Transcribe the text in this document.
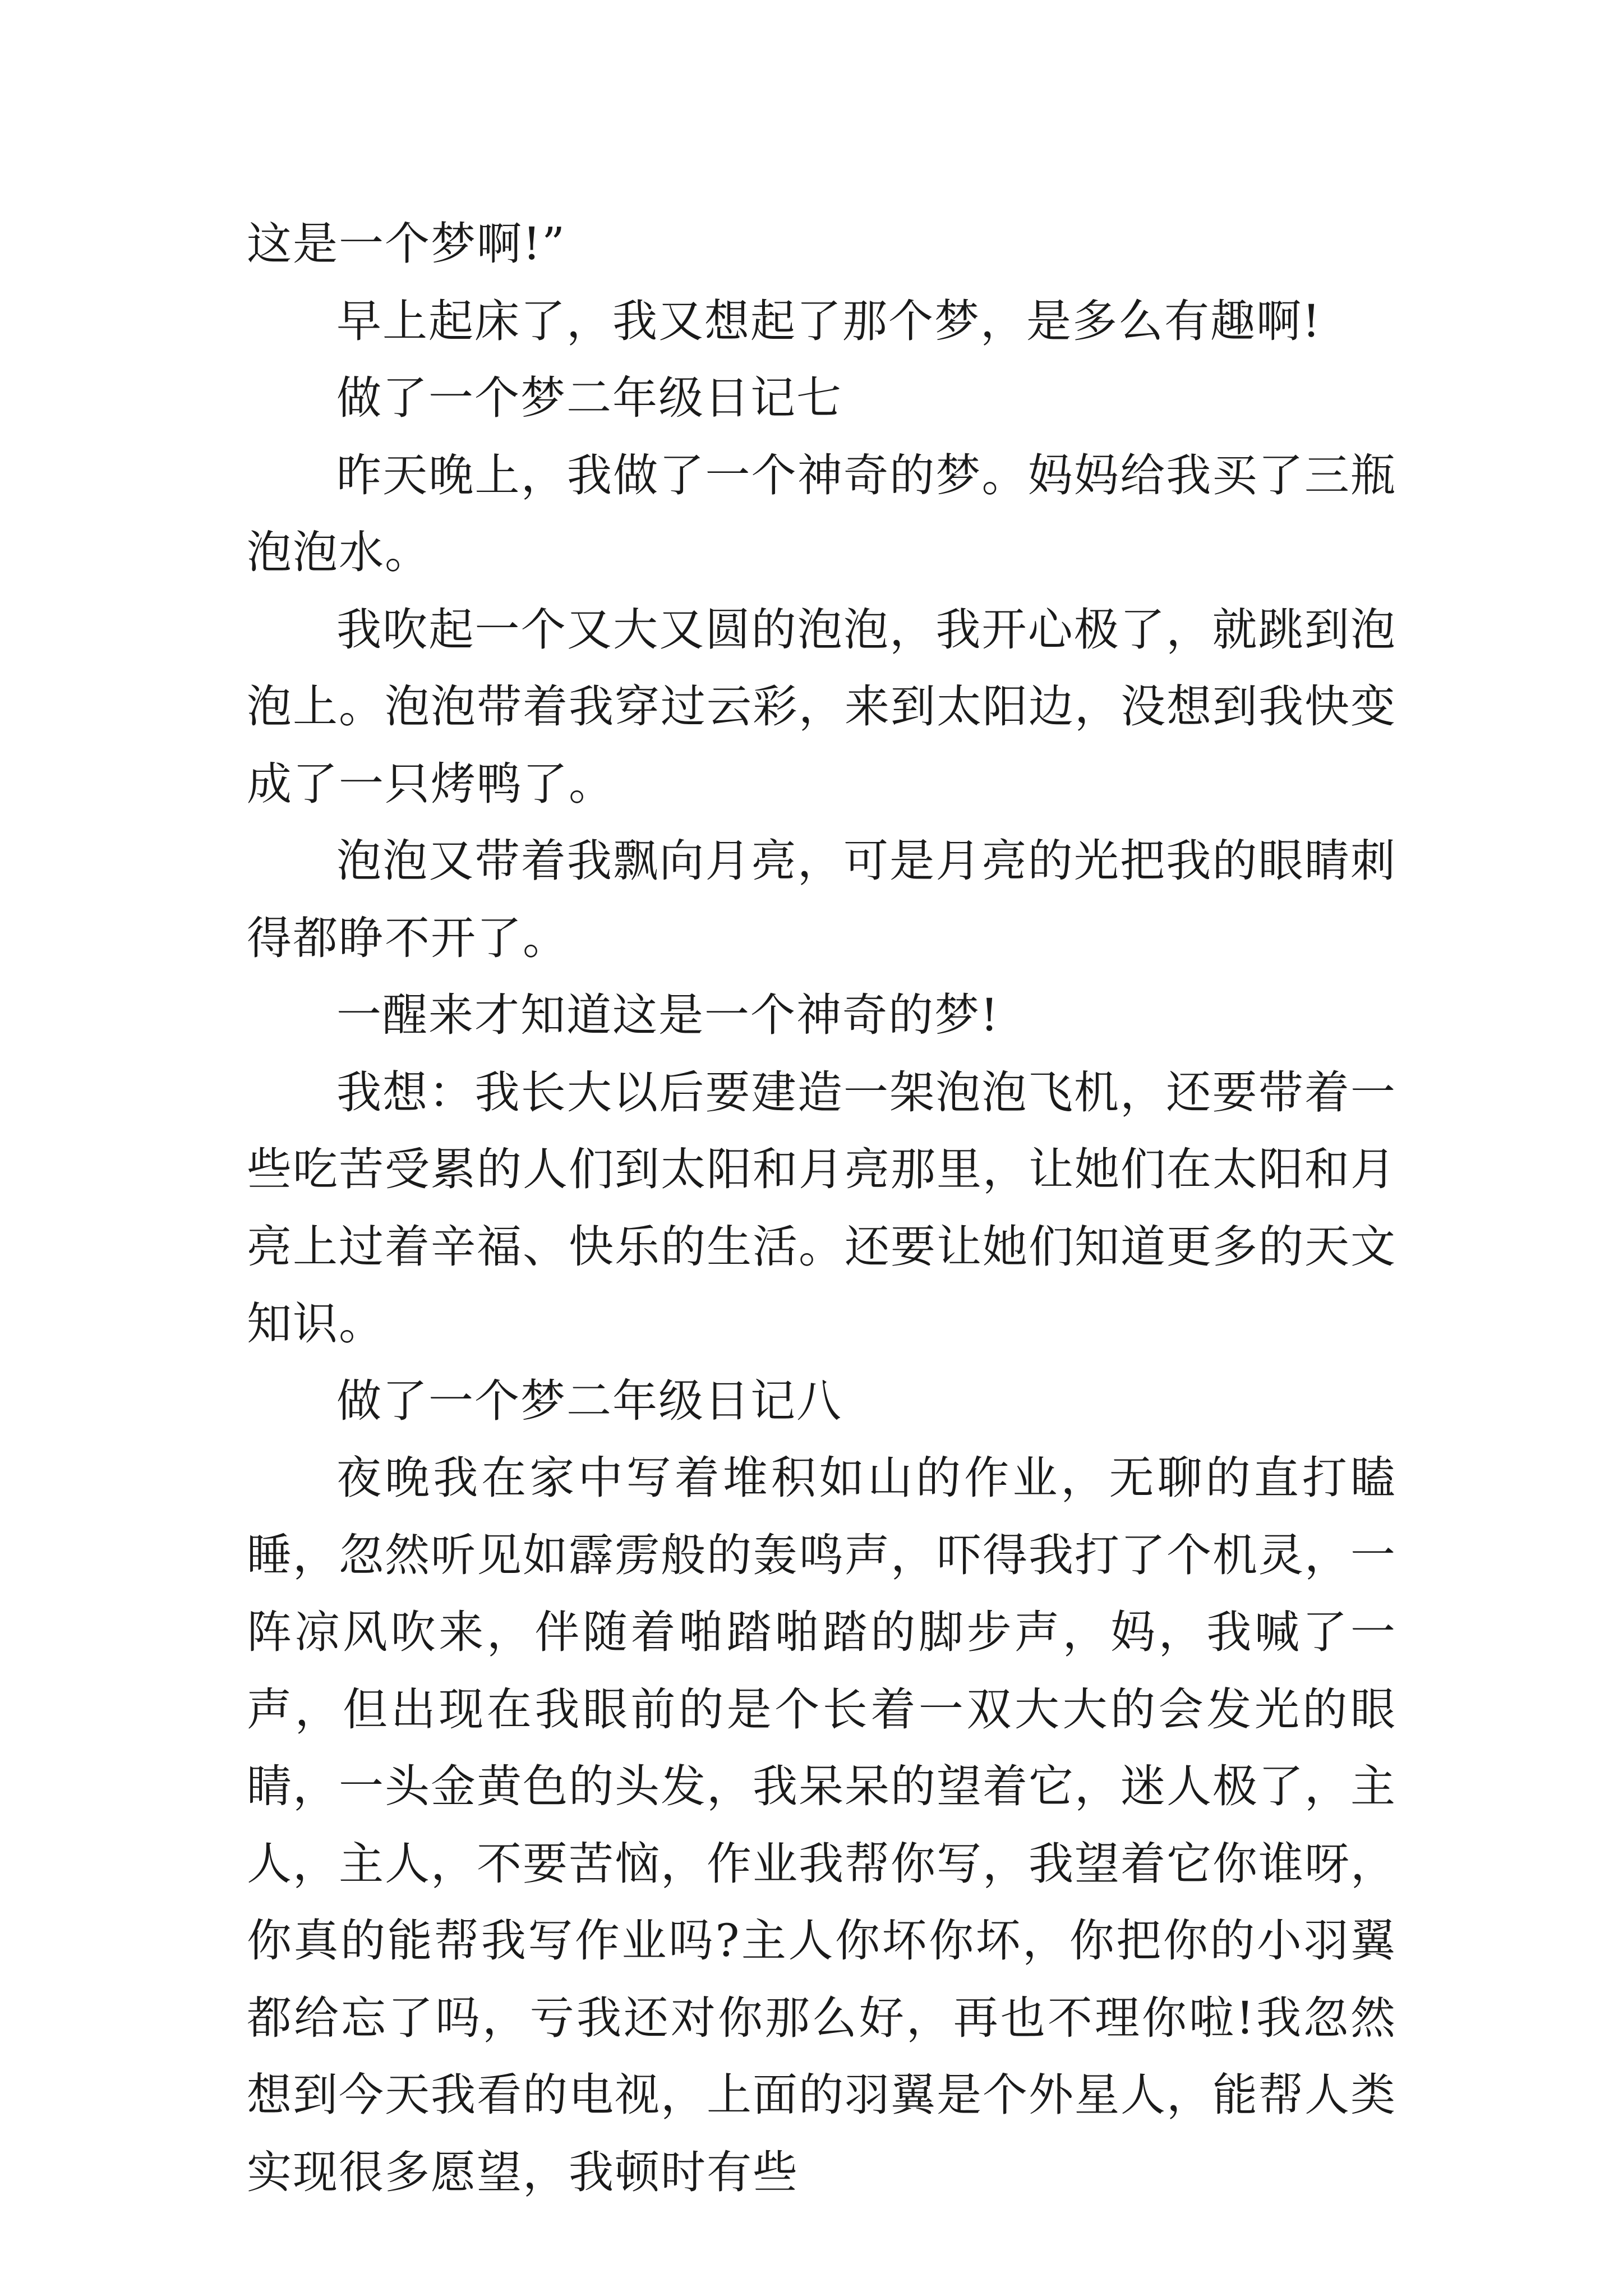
这是一个梦啊!”

早上起床了，我又想起了那个梦，是多么有趣啊!

做了一个梦二年级日记七

昨天晚上，我做了一个神奇的梦。妈妈给我买了三瓶泡泡水。

我吹起一个又大又圆的泡泡，我开心极了，就跳到泡泡上。泡泡带着我穿过云彩，来到太阳边，没想到我快变成了一只烤鸭了。

泡泡又带着我飘向月亮，可是月亮的光把我的眼睛刺得都睁不开了。

一醒来才知道这是一个神奇的梦!

我想：我长大以后要建造一架泡泡飞机，还要带着一些吃苦受累的人们到太阳和月亮那里，让她们在太阳和月亮上过着辛福、快乐的生活。还要让她们知道更多的天文知识。

做了一个梦二年级日记八

夜晚我在家中写着堆积如山的作业，无聊的直打瞌睡，忽然听见如霹雳般的轰鸣声，吓得我打了个机灵，一阵凉风吹来，伴随着啪踏啪踏的脚步声，妈，我喊了一声，但出现在我眼前的是个长着一双大大的会发光的眼睛，一头金黄色的头发，我呆呆的望着它，迷人极了，主人，主人，不要苦恼，作业我帮你写，我望着它你谁呀，你真的能帮我写作业吗?主人你坏你坏，你把你的小羽翼都给忘了吗，亏我还对你那么好，再也不理你啦!我忽然想到今天我看的电视，上面的羽翼是个外星人，能帮人类实现很多愿望，我顿时有些
